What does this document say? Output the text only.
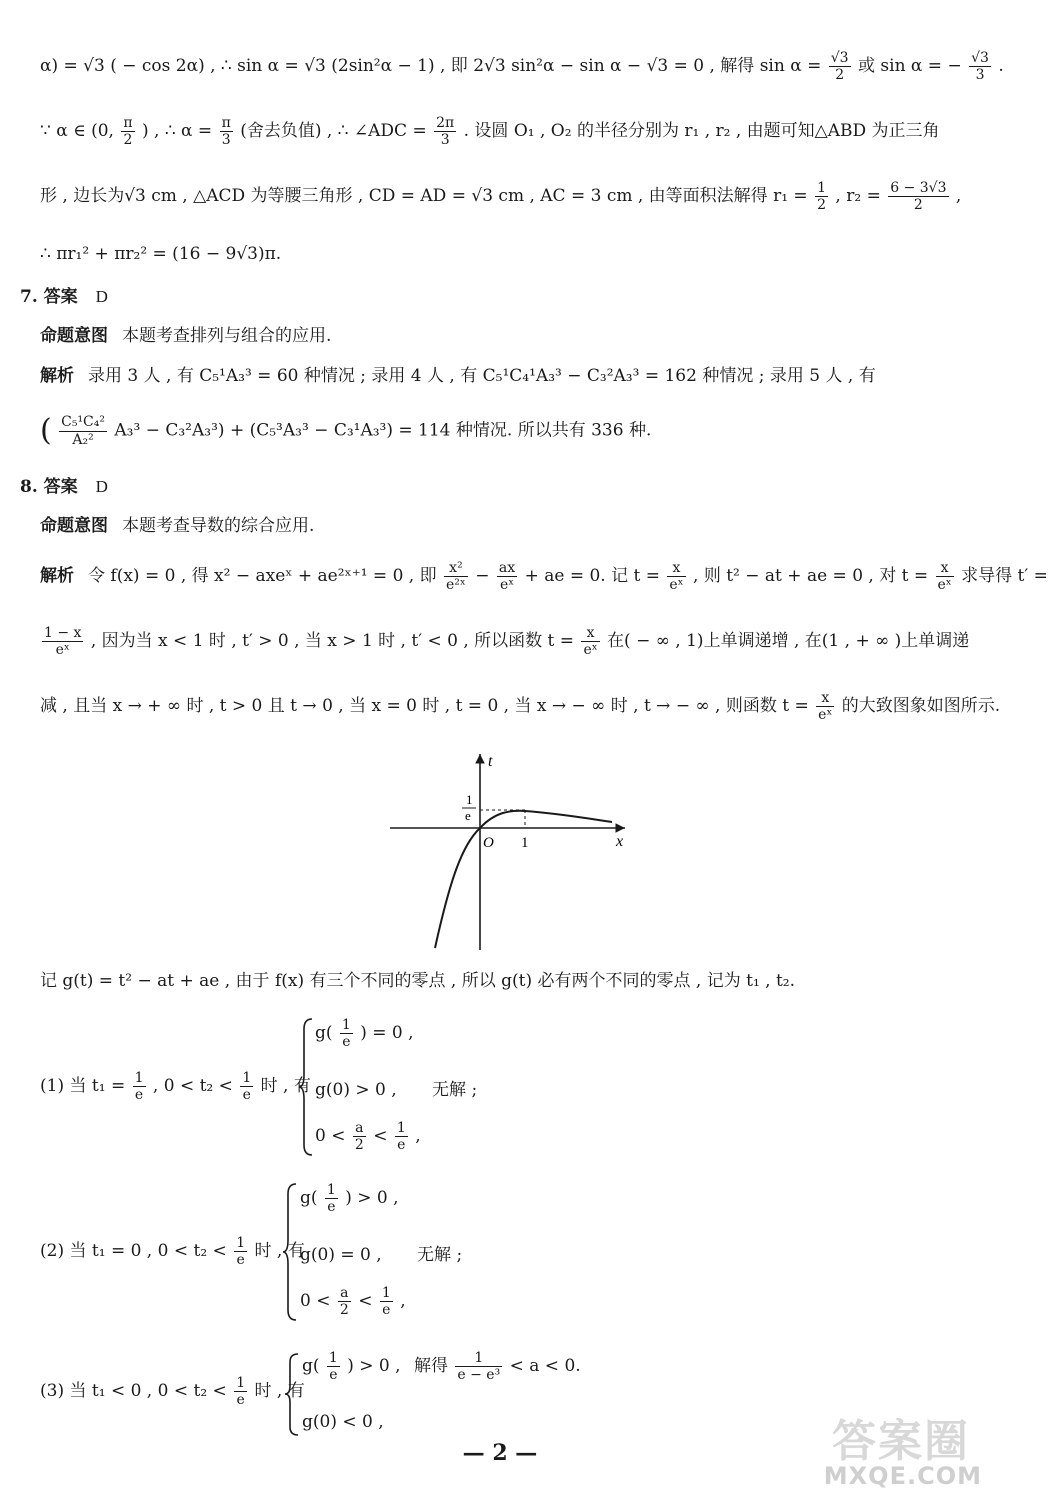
α) = √3 ( − cos 2α) , ∴ sin α = √3 (2sin²α − 1) , 即 2√3 sin²α − sin α − √3 = 0 , 解得 $\sin \alpha = \frac{√3}{2}$ 或 sin α = − $\frac{√3}{3}$ .
∵ α ∈ (0, $\frac{\pi}{2}$ ) , ∴ $\alpha = \frac{\pi}{3}$ (舍去负值) , ∴ ∠ADC = $\frac{2\pi}{3}$ . 设圆 O₁ , O₂ 的半径分别为 r₁ , r₂ , 由题可知△ABD 为正三角
形 , 边长为√3 cm , △ACD 为等腰三角形 , CD = AD = √3 cm , AC = 3 cm , 由等面积法解得 $r_1 = \frac{1}{2}$ , $r_2 = \frac{6 - 3√3}{2}$ ,
∴ πr₁² + πr₂² = (16 − 9√3)π.
7. 答案 D
命题意图 本题考查排列与组合的应用.
解析 录用 3 人 , 有 C₅¹A₃³ = 60 种情况 ; 录用 4 人 , 有 C₅¹C₄¹A₃³ − C₃²A₃³ = 162 种情况 ; 录用 5 人 , 有
( $\frac{\text{C₅¹C₄²}}{\text{A₂²}} A_3^3 - C_3^2A_3^3) + (C_5^3A_3^3 - C_3^1A_3^3) = 114$ 种情况. 所以共有 336 种.
8. 答案 D
命题意图 本题考查导数的综合应用.
解析 令 f(x) = 0 , 得 x² − axeˣ + ae²ˣ⁺¹ = 0 , 即 $\frac{\text{x²}}{\text{e²ˣ}} - \frac{ax}{\text{eˣ}}$ + ae = 0. 记 $t = \frac{x}{\text{eˣ}}$ , 则 t² − at + ae = 0 , 对 $t = \frac{x}{\text{eˣ}}$ 求导得 t′ =
$\frac{1 - x}{\text{eˣ}}$ , 因为当 x < 1 时 , t′ > 0 , 当 x > 1 时 , t′ < 0 , 所以函数 $t = \frac{x}{\text{eˣ}}$ 在( − ∞ , 1)上单调递增 , 在(1 , + ∞ )上单调递
减 , 且当 x → + ∞ 时 , t > 0 且 t → 0 , 当 x = 0 时 , t = 0 , 当 x → − ∞ 时 , t → − ∞ , 则函数 $t = \frac{x}{\text{eˣ}}$ 的大致图象如图所示.
t
x
O 1
1
e
记 g(t) = t² − at + ae , 由于 f(x) 有三个不同的零点 , 所以 g(t) 必有两个不同的零点 , 记为 t₁ , t₂.
(1) 当 $t_1 = \frac{1}{e}$ , $0 < t_2 < \frac{1}{e}$ 时 , 有
$g( \frac{1}{e}$ ) = 0 ,
g(0) > 0 , 无解 ;
$0 < \frac{a}{2} < \frac{1}{e}$ ,
(2) 当 t₁ = 0 , $0 < t_2 < \frac{1}{e}$ 时 , 有
$g( \frac{1}{e}$ ) > 0 ,
g(0) = 0 , 无解 ;
$0 < \frac{a}{2} < \frac{1}{e}$ ,
(3) 当 t₁ < 0 , $0 < t_2 < \frac{1}{e}$ 时 , 有
$g( \frac{1}{e}$ ) > 0 , 解得 $\frac{1}{\text{e − e³}} < a < 0$.
g(0) < 0 ,
— 2 —	答案圈
MXQE.COM
